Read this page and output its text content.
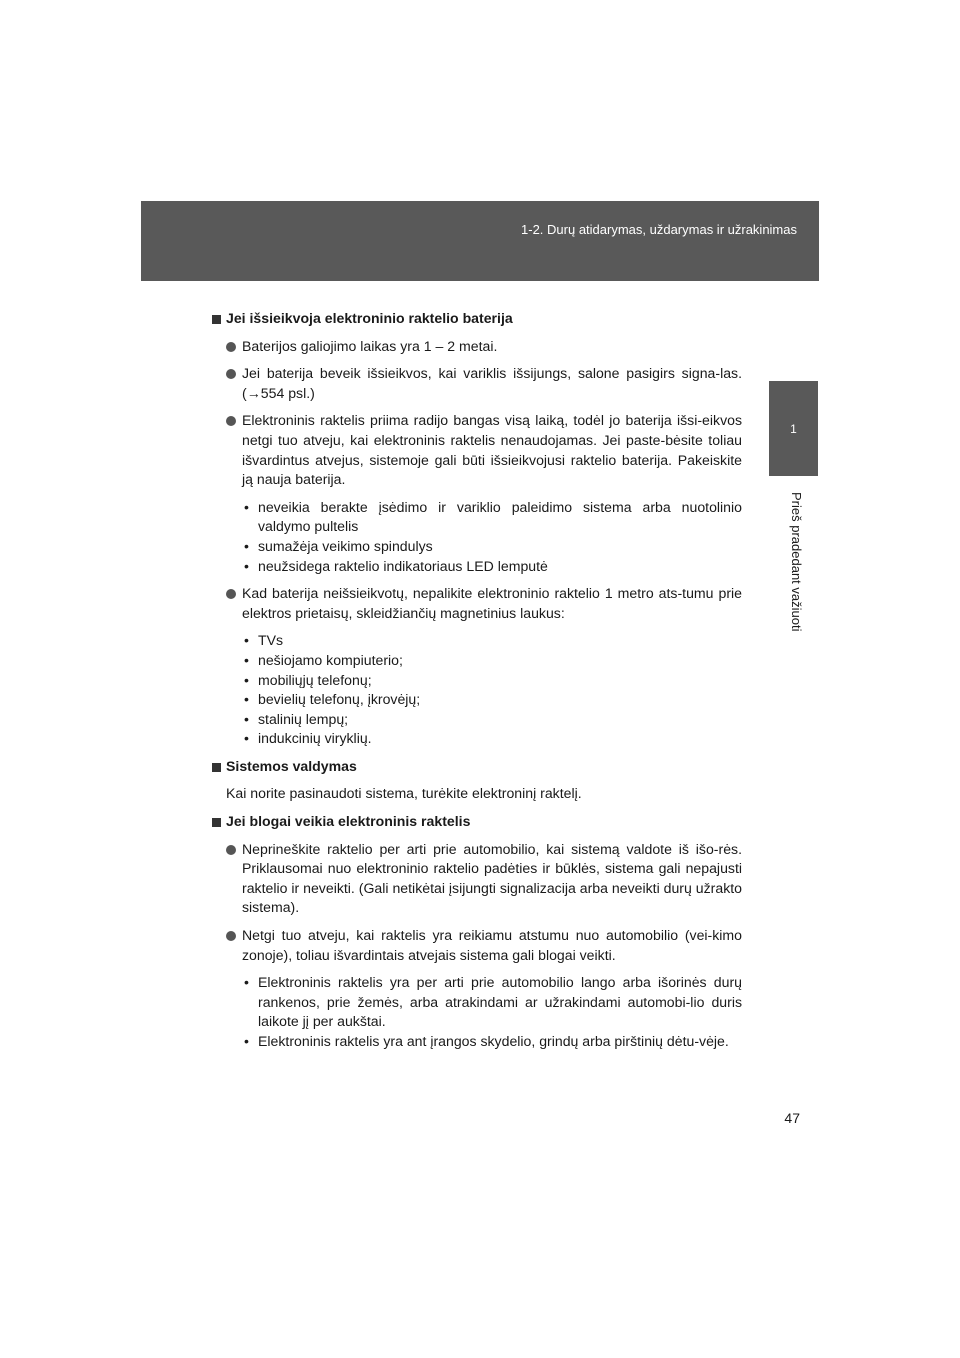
1-2. Durų atidarymas, uždarymas ir užrakinimas
1
Prieš pradedant važiuoti
Jei išsieikvoja elektroninio raktelio baterija
Baterijos galiojimo laikas yra 1 – 2 metai.
Jei baterija beveik išsieikvos, kai variklis išsijungs, salone pasigirs signa-las. (→554 psl.)
Elektroninis raktelis priima radijo bangas visą laiką, todėl jo baterija išsi-eikvos netgi tuo atveju, kai elektroninis raktelis nenaudojamas. Jei paste-bėsite toliau išvardintus atvejus, sistemoje gali būti išsieikvojusi raktelio baterija. Pakeiskite ją nauja baterija.
• neveikia berakte įsėdimo ir variklio paleidimo sistema arba nuotolinio valdymo pultelis
• sumažėja veikimo spindulys
• neužsidega raktelio indikatoriaus LED lemputė
Kad baterija neišsieikvotų, nepalikite elektroninio raktelio 1 metro ats-tumu prie elektros prietaisų, skleidžiančių magnetinius laukus:
• TVs
• nešiojamo kompiuterio;
• mobiliųjų telefonų;
• bevielių telefonų, įkrovėjų;
• stalinių lempų;
• indukcinių viryklių.
Sistemos valdymas
Kai norite pasinaudoti sistema, turėkite elektroninį raktelį.
Jei blogai veikia elektroninis raktelis
Neprineškite raktelio per arti prie automobilio, kai sistemą valdote iš išo-rės. Priklausomai nuo elektroninio raktelio padėties ir būklės, sistema gali nepajusti raktelio ir neveikti. (Gali netikėtai įsijungti signalizacija arba neveikti durų užrakto sistema).
Netgi tuo atveju, kai raktelis yra reikiamu atstumu nuo automobilio (vei-kimo zonoje), toliau išvardintais atvejais sistema gali blogai veikti.
• Elektroninis raktelis yra per arti prie automobilio lango arba išorinės durų rankenos, prie žemės, arba atrakindami ar užrakindami automobi-lio duris laikote jį per aukštai.
• Elektroninis raktelis yra ant įrangos skydelio, grindų arba pirštinių dėtu-vėje.
47
